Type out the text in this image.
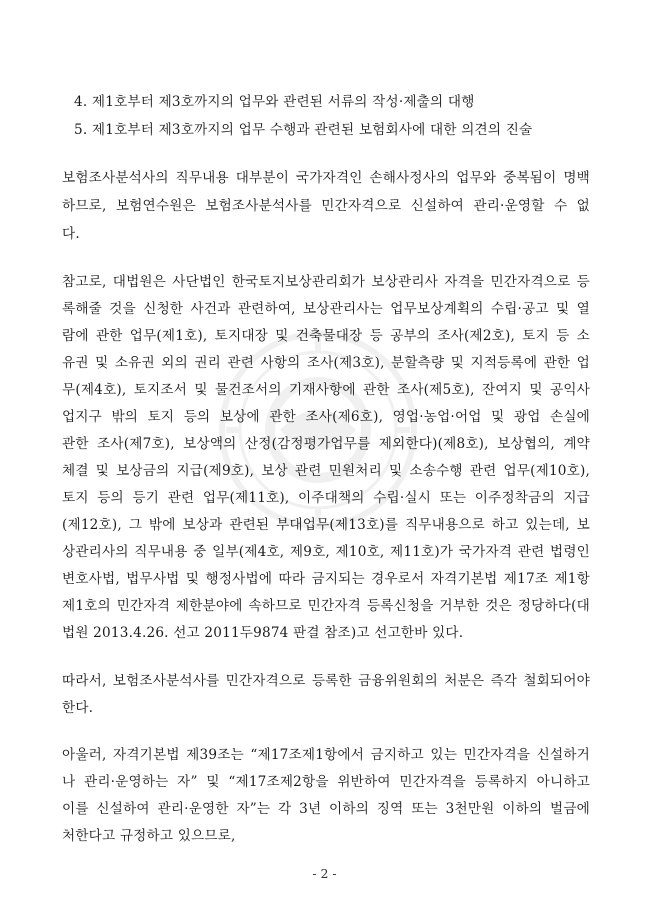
4. 제1호부터 제3호까지의 업무와 관련된 서류의 작성·제출의 대행
5. 제1호부터 제3호까지의 업무 수행과 관련된 보험회사에 대한 의견의 진술
보험조사분석사의 직무내용 대부분이 국가자격인 손해사정사의 업무와 중복됨이 명백
하므로, 보험연수원은 보험조사분석사를 민간자격으로 신설하여 관리·운영할 수 없
다.
참고로, 대법원은 사단법인 한국토지보상관리회가 보상관리사 자격을 민간자격으로 등
록해줄 것을 신청한 사건과 관련하여, 보상관리사는 업무보상계획의 수립·공고 및 열
람에 관한 업무(제1호), 토지대장 및 건축물대장 등 공부의 조사(제2호), 토지 등 소
유권 및 소유권 외의 권리 관련 사항의 조사(제3호), 분할측량 및 지적등록에 관한 업
무(제4호), 토지조서 및 물건조서의 기재사항에 관한 조사(제5호), 잔여지 및 공익사
업지구 밖의 토지 등의 보상에 관한 조사(제6호), 영업·농업·어업 및 광업 손실에
관한 조사(제7호), 보상액의 산정(감정평가업무를 제외한다)(제8호), 보상협의, 계약
체결 및 보상금의 지급(제9호), 보상 관련 민원처리 및 소송수행 관련 업무(제10호),
토지 등의 등기 관련 업무(제11호), 이주대책의 수립·실시 또는 이주정착금의 지급
(제12호), 그 밖에 보상과 관련된 부대업무(제13호)를 직무내용으로 하고 있는데, 보
상관리사의 직무내용 중 일부(제4호, 제9호, 제10호, 제11호)가 국가자격 관련 법령인
변호사법, 법무사법 및 행정사법에 따라 금지되는 경우로서 자격기본법 제17조 제1항
제1호의 민간자격 제한분야에 속하므로 민간자격 등록신청을 거부한 것은 정당하다(대
법원 2013.4.26. 선고 2011두9874 판결 참조)고 선고한바 있다.
따라서, 보험조사분석사를 민간자격으로 등록한 금융위원회의 처분은 즉각 철회되어야
한다.
아울러, 자격기본법 제39조는 “제17조제1항에서 금지하고 있는 민간자격을 신설하거
나 관리·운영하는 자” 및 “제17조제2항을 위반하여 민간자격을 등록하지 아니하고
이를 신설하여 관리·운영한 자”는 각 3년 이하의 징역 또는 3천만원 이하의 벌금에
처한다고 규정하고 있으므로,
- 2 -
